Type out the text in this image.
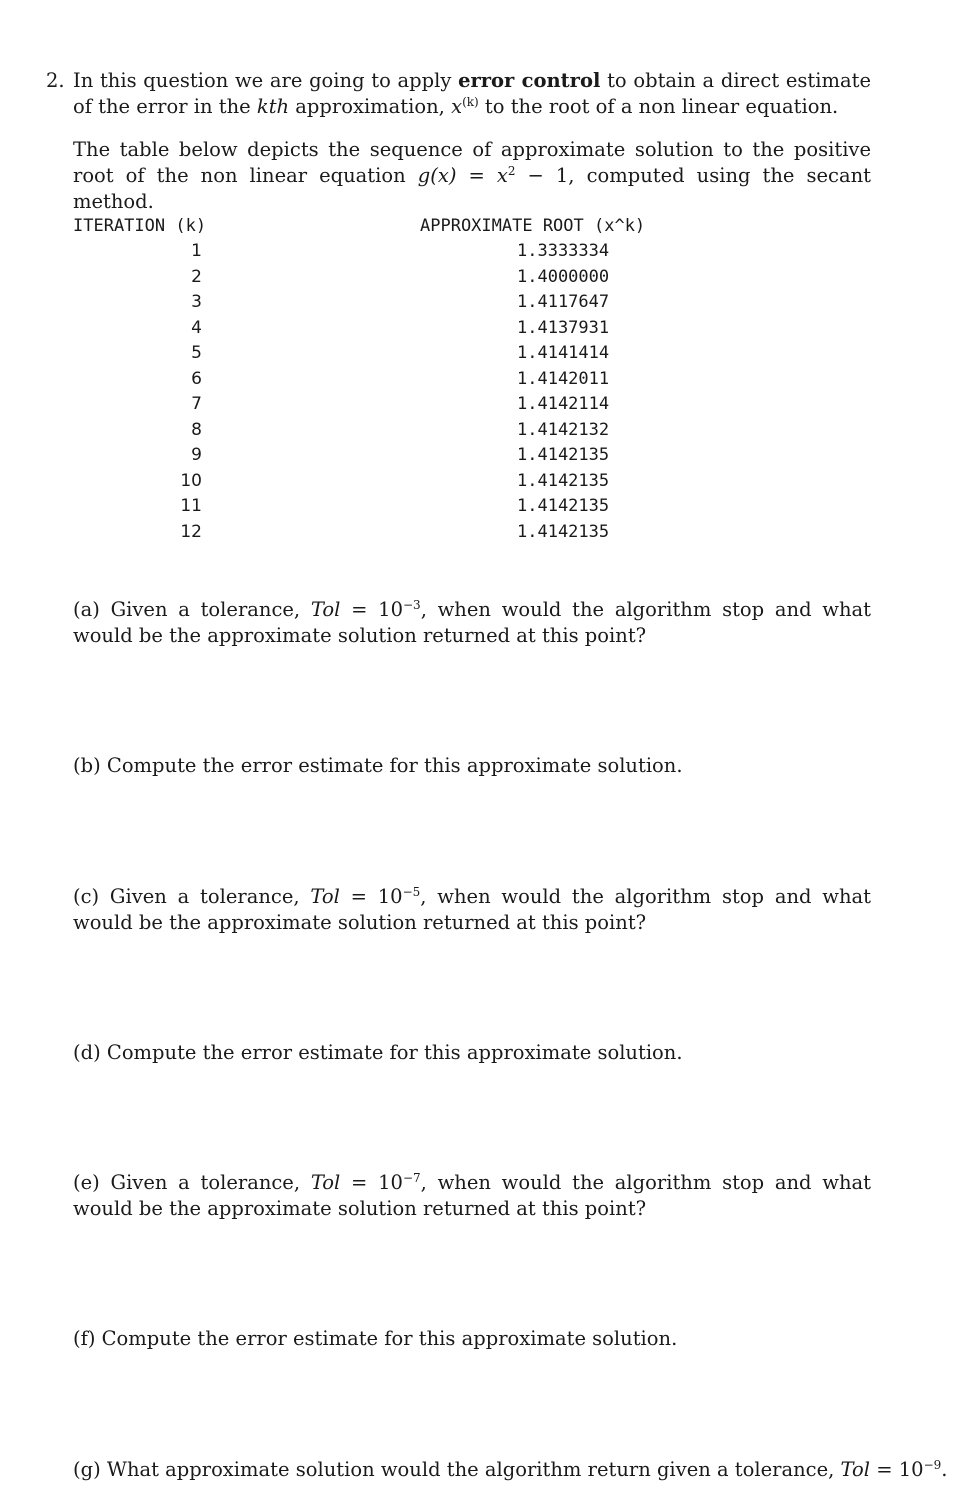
2. In this question we are going to apply error control to obtain a direct estimate of the error in the kth approximation, $x^{(k)}$ to the root of a non linear equation.
The table below depicts the sequence of approximate solution to the positive root of the non linear equation $g(x) = x^2 - 1$, computed using the secant method.
ITERATION (k)	APPROXIMATE ROOT (x^k)
1	1.3333334
2	1.4000000
3	1.4117647
4	1.4137931
5	1.4141414
6	1.4142011
7	1.4142114
8	1.4142132
9	1.4142135
10	1.4142135
11	1.4142135
12	1.4142135
(a) Given a tolerance, Tol = $10^{-3}$, when would the algorithm stop and what would be the approximate solution returned at this point?
(b) Compute the error estimate for this approximate solution.
(c) Given a tolerance, Tol = $10^{-5}$, when would the algorithm stop and what would be the approximate solution returned at this point?
(d) Compute the error estimate for this approximate solution.
(e) Given a tolerance, Tol = $10^{-7}$, when would the algorithm stop and what would be the approximate solution returned at this point?
(f) Compute the error estimate for this approximate solution.
(g) What approximate solution would the algorithm return given a tolerance, Tol = $10^{-9}$.
